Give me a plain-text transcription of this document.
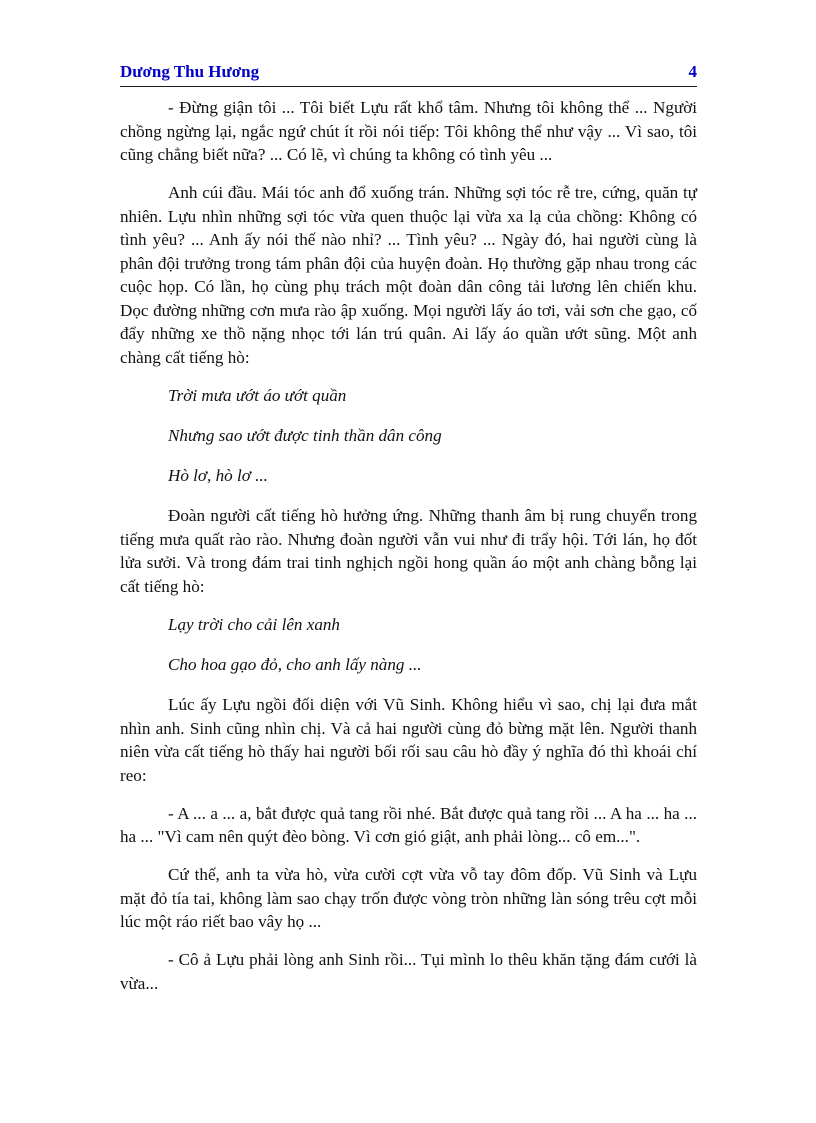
Dương Thu Hương	4

- Đừng giận tôi ... Tôi biết Lựu rất khổ tâm. Nhưng tôi không thể ... Người chồng ngừng lại, ngắc ngứ chút ít rồi nói tiếp: Tôi không thể như vậy ... Vì sao, tôi cũng chẳng biết nữa? ... Có lẽ, vì chúng ta không có tình yêu ...

Anh cúi đầu. Mái tóc anh đổ xuống trán. Những sợi tóc rễ tre, cứng, quăn tự nhiên. Lựu nhìn những sợi tóc vừa quen thuộc lại vừa xa lạ của chồng: Không có tình yêu? ... Anh ấy nói thế nào nhỉ? ... Tình yêu? ... Ngày đó, hai người cùng là phân đội trưởng trong tám phân đội của huyện đoàn. Họ thường gặp nhau trong các cuộc họp. Có lần, họ cùng phụ trách một đoàn dân công tải lương lên chiến khu. Dọc đường những cơn mưa rào ập xuống. Mọi người lấy áo tơi, vải sơn che gạo, cố đẩy những xe thồ nặng nhọc tới lán trú quân. Ai lấy áo quần ướt sũng. Một anh chàng cất tiếng hò:

Trời mưa ướt áo ướt quần

Nhưng sao ướt được tinh thần dân công

Hò lơ, hò lơ ...

Đoàn người cất tiếng hò hưởng ứng. Những thanh âm bị rung chuyển trong tiếng mưa quất rào rào. Nhưng đoàn người vẫn vui như đi trẩy hội. Tới lán, họ đốt lửa sưởi. Và trong đám trai tinh nghịch ngồi hong quần áo một anh chàng bỗng lại cất tiếng hò:

Lạy trời cho cải lên xanh

Cho hoa gạo đỏ, cho anh lấy nàng ...

Lúc ấy Lựu ngồi đối diện với Vũ Sinh. Không hiểu vì sao, chị lại đưa mắt nhìn anh. Sinh cũng nhìn chị. Và cả hai người cùng đỏ bừng mặt lên. Người thanh niên vừa cất tiếng hò thấy hai người bối rối sau câu hò đầy ý nghĩa đó thì khoái chí reo:

- A ... a ... a, bắt được quả tang rồi nhé. Bắt được quả tang rồi ... A ha ... ha ... ha ... "Vì cam nên quýt đèo bòng. Vì cơn gió giật, anh phải lòng... cô em...".

Cứ thế, anh ta vừa hò, vừa cười cợt vừa vỗ tay đôm đốp. Vũ Sinh và Lựu mặt đỏ tía tai, không làm sao chạy trốn được vòng tròn những làn sóng trêu cợt mỗi lúc một ráo riết bao vây họ ...

- Cô ả Lựu phải lòng anh Sinh rồi... Tụi mình lo thêu khăn tặng đám cưới là vừa...
